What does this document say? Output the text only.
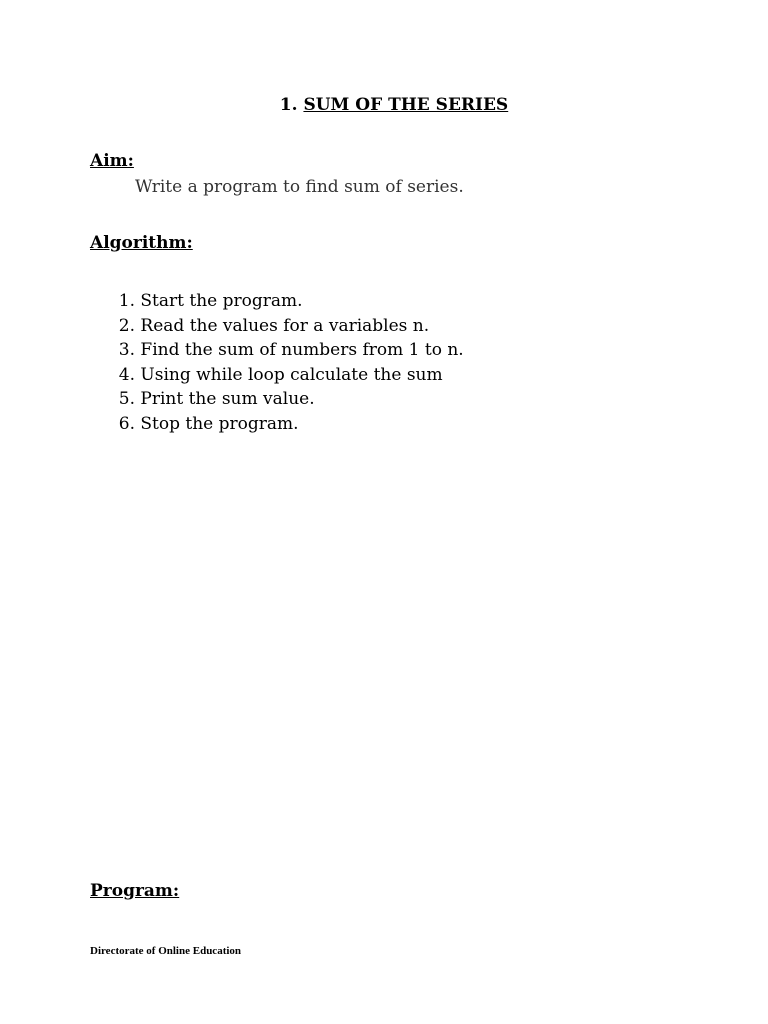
1. SUM OF THE SERIES
Aim:
Write a program to find sum of series.
Algorithm:
1. Start the program.
2. Read the values for a variables n.
3. Find the sum of numbers from 1 to n.
4. Using while loop calculate the sum
5. Print the sum value.
6. Stop the program.
Program:
Directorate of Online Education
